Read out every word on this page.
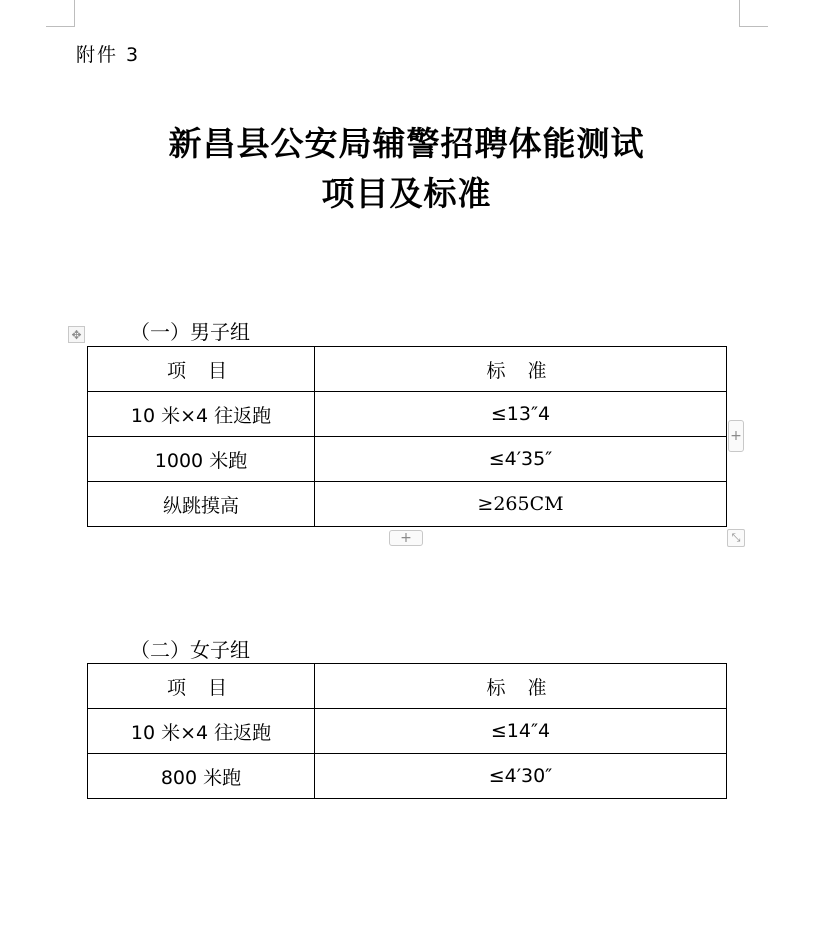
附件 3
新昌县公安局辅警招聘体能测试
项目及标准
（一）男子组
✥
项 目	标 准
10 米×4 往返跑	≤13″4
1000 米跑	≤4′35″
纵跳摸高	≥265CM
+
+	⤡
（二）女子组
项 目	标 准
10 米×4 往返跑	≤14″4
800 米跑	≤4′30″
